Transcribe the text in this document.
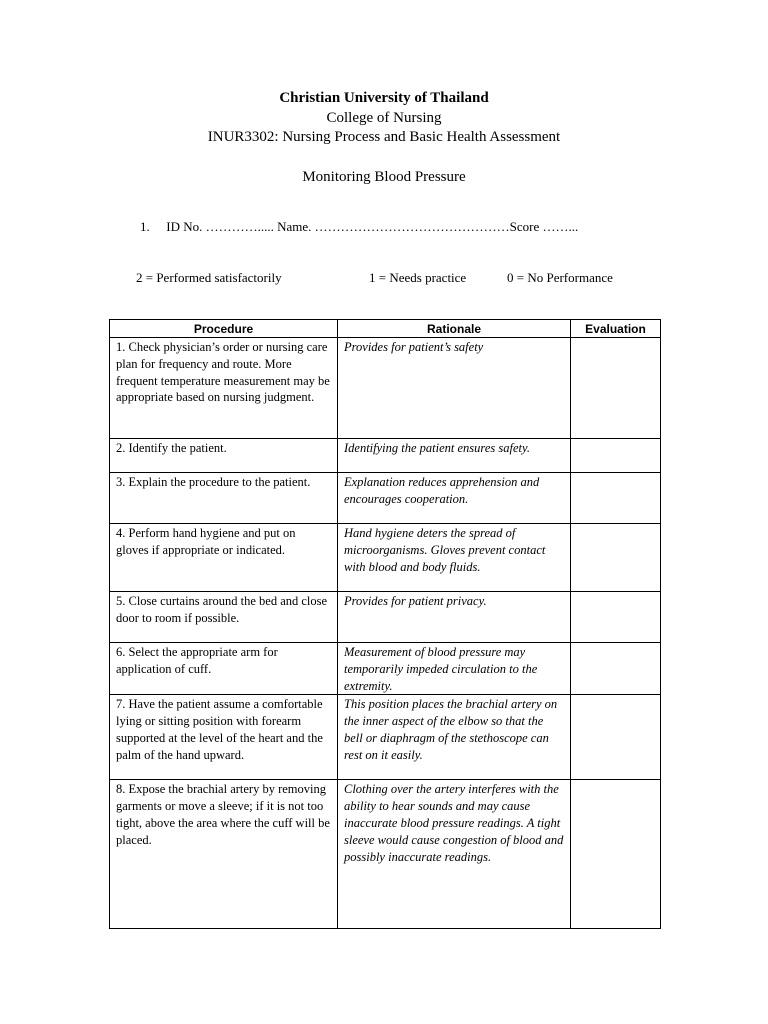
Christian University of Thailand
College of Nursing
INUR3302: Nursing Process and Basic Health Assessment
Monitoring Blood Pressure
1. ID No. …………..... Name. ………………………………………Score ……...
2 = Performed satisfactorily	1 = Needs practice	0 = No Performance
Procedure	Rationale	Evaluation
1. Check physician’s order or nursing care plan for frequency and route. More frequent temperature measurement may be appropriate based on nursing judgment.	Provides for patient’s safety	
2. Identify the patient.	Identifying the patient ensures safety.	
3. Explain the procedure to the patient.	Explanation reduces apprehension and encourages cooperation.	
4. Perform hand hygiene and put on gloves if appropriate or indicated.	Hand hygiene deters the spread of microorganisms. Gloves prevent contact with blood and body fluids.	
5. Close curtains around the bed and close door to room if possible.	Provides for patient privacy.	
6. Select the appropriate arm for application of cuff.	Measurement of blood pressure may temporarily impeded circulation to the extremity.	
7. Have the patient assume a comfortable lying or sitting position with forearm supported at the level of the heart and the palm of the hand upward.	This position places the brachial artery on the inner aspect of the elbow so that the bell or diaphragm of the stethoscope can rest on it easily.	
8. Expose the brachial artery by removing garments or move a sleeve; if it is not too tight, above the area where the cuff will be placed.	Clothing over the artery interferes with the ability to hear sounds and may cause inaccurate blood pressure readings. A tight sleeve would cause congestion of blood and possibly inaccurate readings.	
